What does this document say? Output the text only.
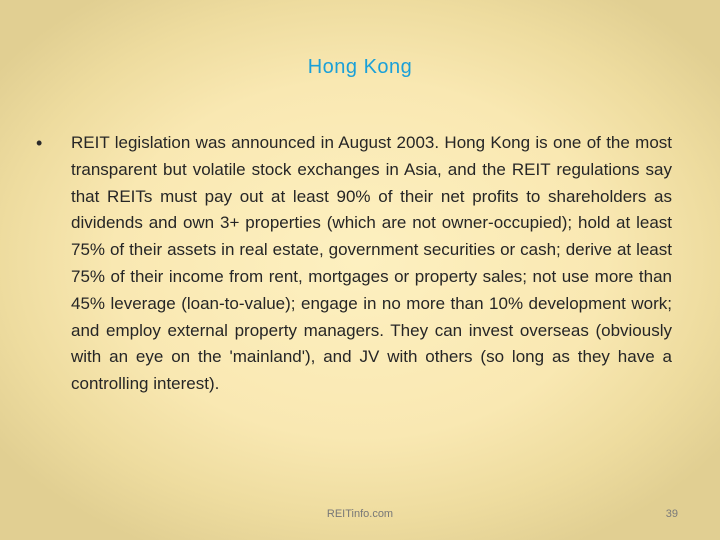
Hong Kong
• REIT legislation was announced in August 2003. Hong Kong is one of the most transparent but volatile stock exchanges in Asia, and the REIT regulations say that REITs must pay out at least 90% of their net profits to shareholders as dividends and own 3+ properties (which are not owner-occupied); hold at least 75% of their assets in real estate, government securities or cash; derive at least 75% of their income from rent, mortgages or property sales; not use more than 45% leverage (loan-to-value); engage in no more than 10% development work; and employ external property managers. They can invest overseas (obviously with an eye on the 'mainland'), and JV with others (so long as they have a controlling interest).

REITinfo.com	39
